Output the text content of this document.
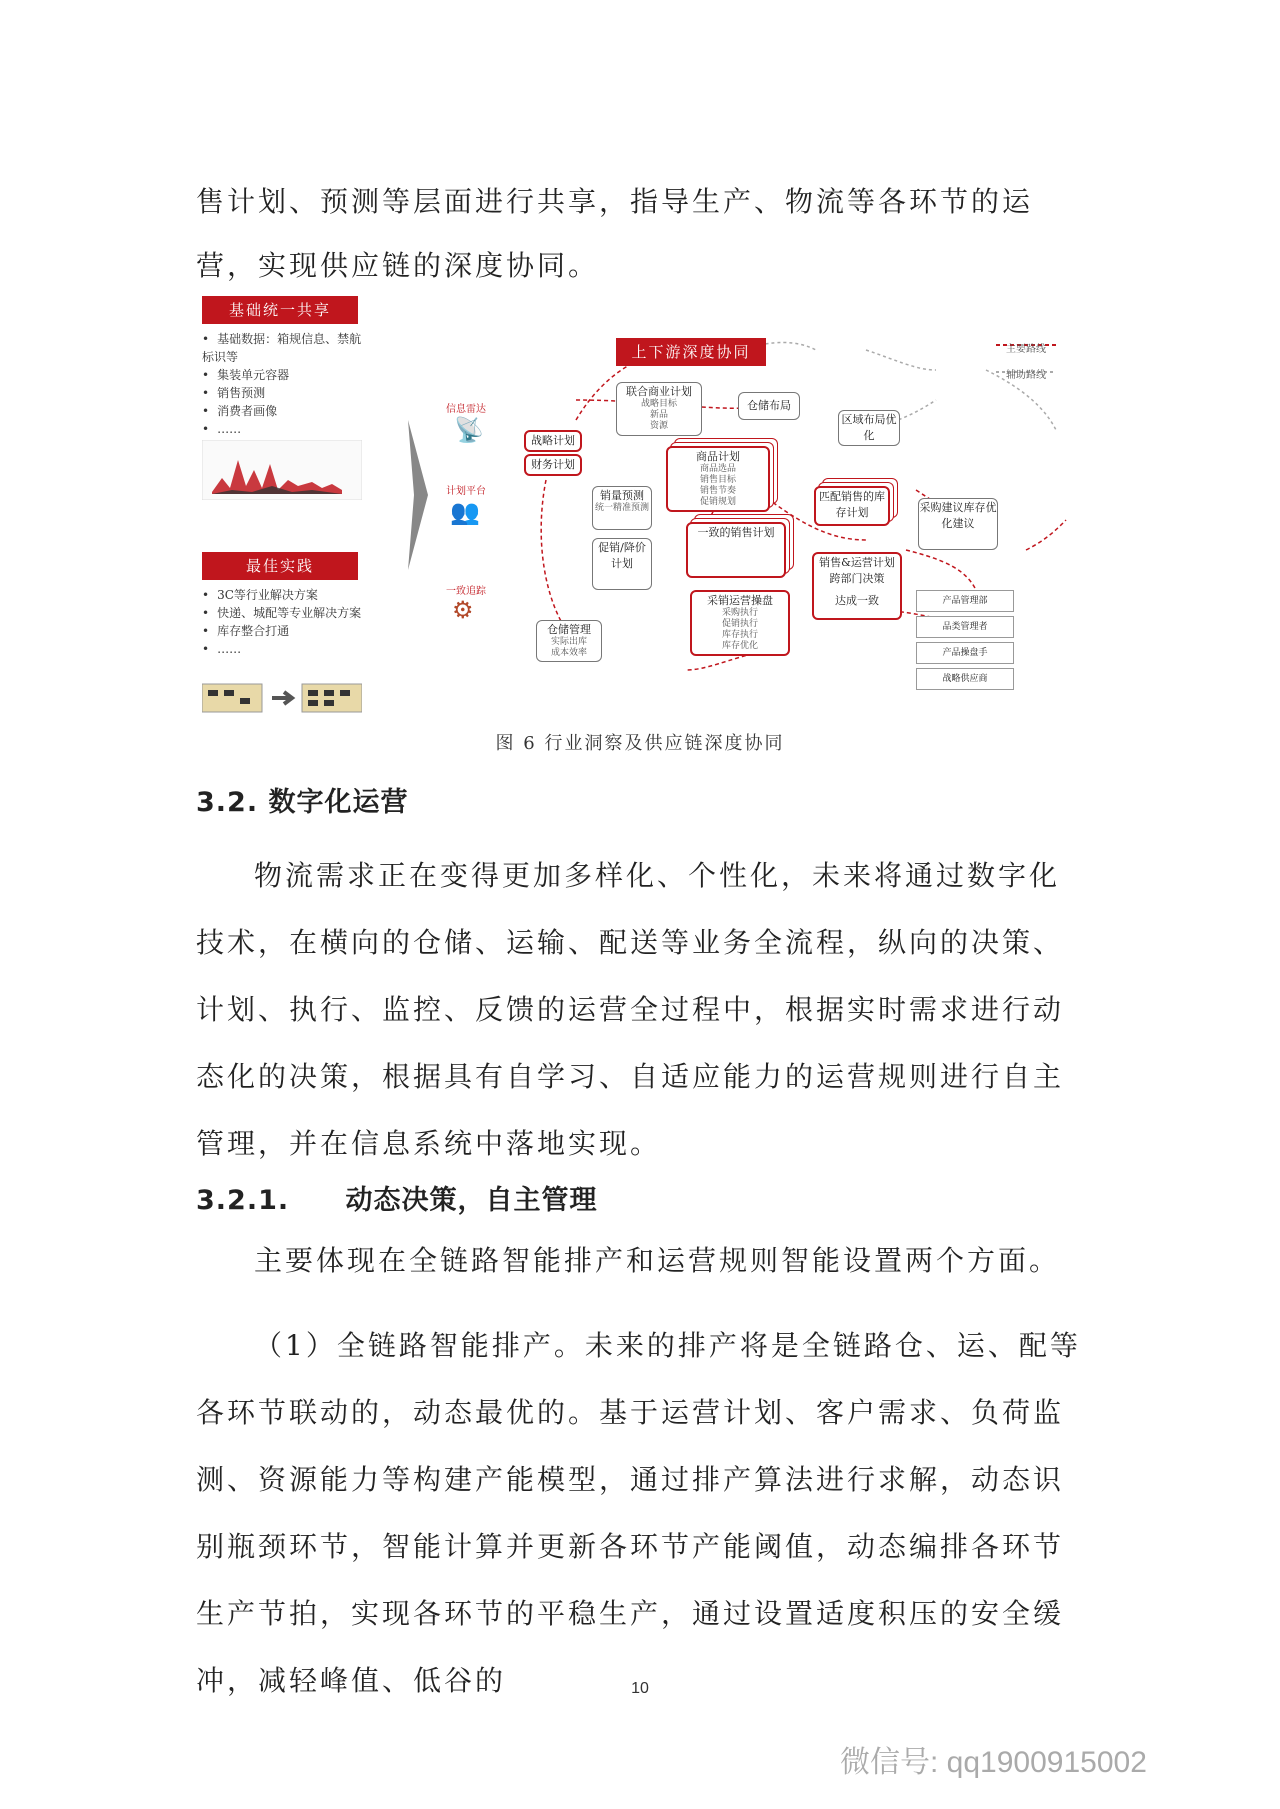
售计划、预测等层面进行共享，指导生产、物流等各环节的运营，实现供应链的深度协同。

基础统一共享
• 基础数据：箱规信息、禁航标识等
• 集装单元容器
• 销售预测
• 消费者画像
• ……
最佳实践
• 3C等行业解决方案
• 快递、城配等专业解决方案
• 库存整合打通
• ……
上下游深度协同	主要路线
辅助路线
信息雷达
📡
计划平台
👥
一致追踪
⚙
战略计划
财务计划
联合商业计划
战略目标
新品
资源
仓储布局
区域布局优化
商品计划
商品选品
销售目标
销售节奏
促销规划
销量预测
统一精准预测
促销/降价计划
一致的销售计划
匹配销售的库存计划	采购建议库存优化建议
销售&运营计划跨部门决策
达成一致
采销运营操盘
采购执行
促销执行
库存执行
库存优化
仓储管理
实际出库
成本效率
产品管理部
品类管理者
产品操盘手
战略供应商
图 6 行业洞察及供应链深度协同
3.2. 数字化运营

物流需求正在变得更加多样化、个性化，未来将通过数字化技术，在横向的仓储、运输、配送等业务全流程，纵向的决策、计划、执行、监控、反馈的运营全过程中，根据实时需求进行动态化的决策，根据具有自学习、自适应能力的运营规则进行自主管理，并在信息系统中落地实现。

3.2.1. 动态决策，自主管理

主要体现在全链路智能排产和运营规则智能设置两个方面。

（1）全链路智能排产。未来的排产将是全链路仓、运、配等各环节联动的，动态最优的。基于运营计划、客户需求、负荷监测、资源能力等构建产能模型，通过排产算法进行求解，动态识别瓶颈环节，智能计算并更新各环节产能阈值，动态编排各环节生产节拍，实现各环节的平稳生产，通过设置适度积压的安全缓冲，减轻峰值、低谷的	10
微信号: qq1900915002
